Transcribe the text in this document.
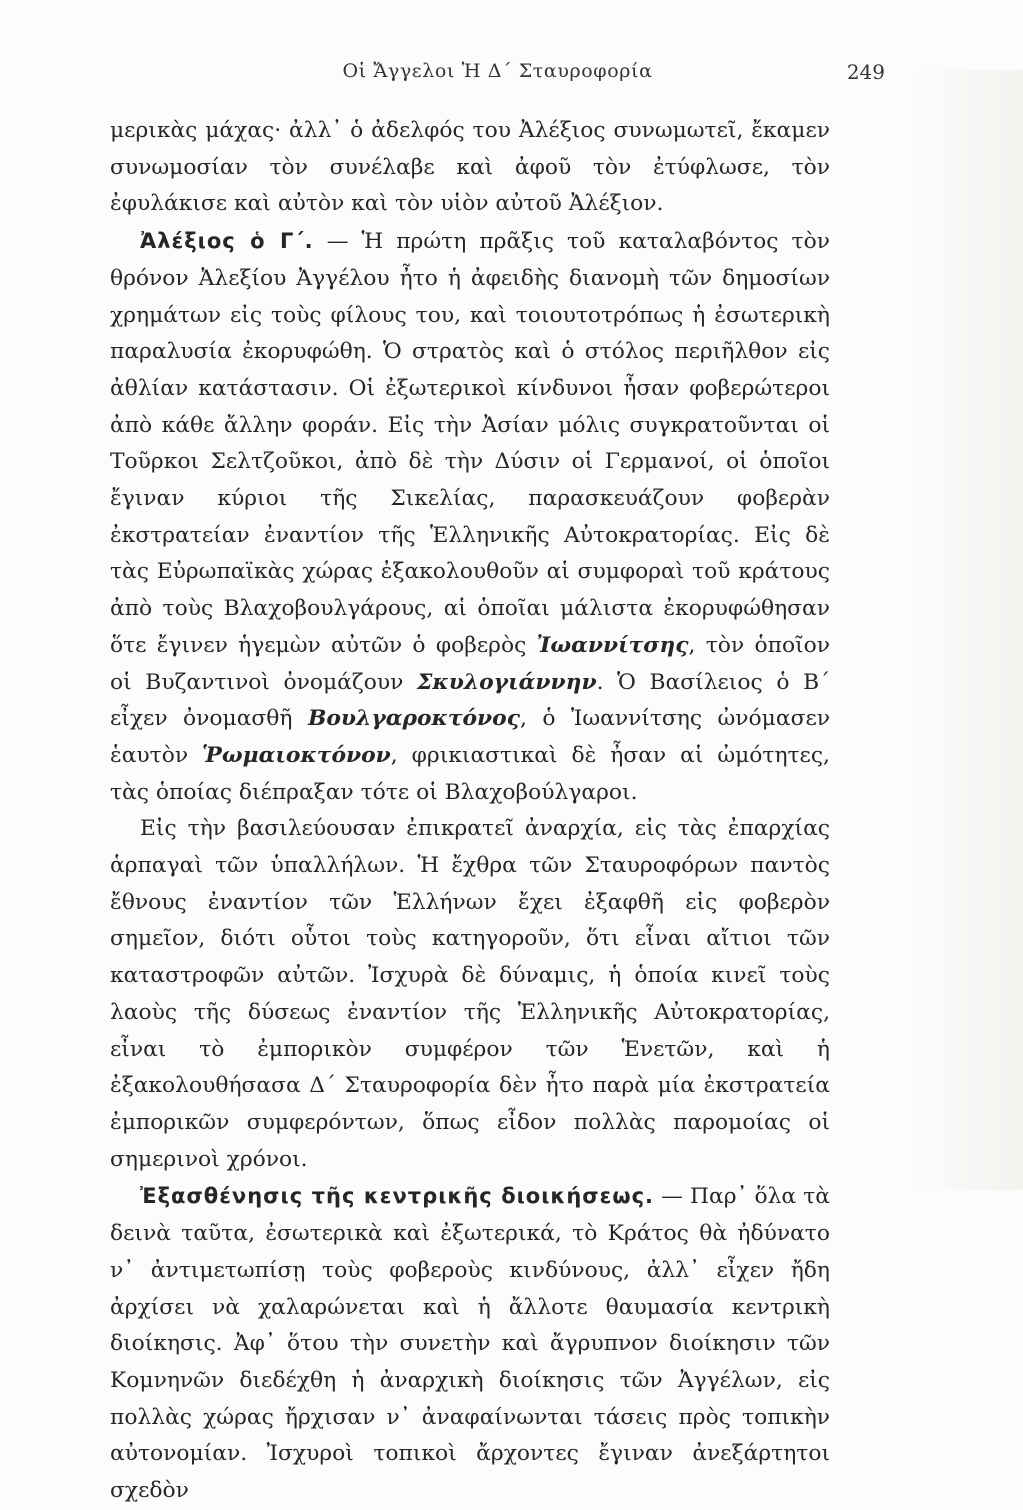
Οἱ Ἄγγελοι Ἡ Δ΄ Σταυροφορία	249

μερικὰς μάχας· ἀλλ᾽ ὁ ἀδελφός του Ἀλέξιος συνωμωτεῖ, ἔκαμεν συνωμοσίαν τὸν συνέλαβε καὶ ἀφοῦ τὸν ἐτύφλωσε, τὸν ἐφυλάκισε καὶ αὐτὸν καὶ τὸν υἱὸν αὐτοῦ Ἀλέξιον.

Ἀλέξιος ὁ Γ΄. — Ἡ πρώτη πρᾶξις τοῦ καταλαβόντος τὸν θρόνον Ἀλεξίου Ἀγγέλου ἦτο ἡ ἀφειδὴς διανομὴ τῶν δημοσίων χρημάτων εἰς τοὺς φίλους του, καὶ τοιουτοτρόπως ἡ ἐσωτερικὴ παραλυσία ἐκορυφώθη. Ὁ στρατὸς καὶ ὁ στόλος περιῆλθον εἰς ἀθλίαν κατάστασιν. Οἱ ἐξωτερικοὶ κίνδυνοι ἦσαν φοβερώτεροι ἀπὸ κάθε ἄλλην φοράν. Εἰς τὴν Ἀσίαν μόλις συγκρατοῦνται οἱ Τοῦρκοι Σελτζοῦκοι, ἀπὸ δὲ τὴν Δύσιν οἱ Γερμανοί, οἱ ὁποῖοι ἔγιναν κύριοι τῆς Σικελίας, παρασκευάζουν φοβερὰν ἐκστρατείαν ἐναντίον τῆς Ἑλληνικῆς Αὐτοκρατορίας. Εἰς δὲ τὰς Εὐρωπαϊκὰς χώρας ἐξακολουθοῦν αἱ συμφοραὶ τοῦ κράτους ἀπὸ τοὺς Βλαχοβουλγάρους, αἱ ὁποῖαι μάλιστα ἐκορυφώθησαν ὅτε ἔγινεν ἡγεμὼν αὐτῶν ὁ φοβερὸς Ἰωαννίτσης, τὸν ὁποῖον οἱ Βυζαντινοὶ ὀνομάζουν Σκυλογιάννην. Ὁ Βασίλειος ὁ Β΄ εἶχεν ὀνομασθῆ Βουλγαροκτόνος, ὁ Ἰωαννίτσης ὠνόμασεν ἑαυτὸν Ῥωμαιοκτόνον, φρικιαστικαὶ δὲ ἦσαν αἱ ὠμότητες, τὰς ὁποίας διέπραξαν τότε οἱ Βλαχοβούλγαροι.

Εἰς τὴν βασιλεύουσαν ἐπικρατεῖ ἀναρχία, εἰς τὰς ἐπαρχίας ἁρπαγαὶ τῶν ὑπαλλήλων. Ἡ ἔχθρα τῶν Σταυροφόρων παντὸς ἔθνους ἐναντίον τῶν Ἑλλήνων ἔχει ἐξαφθῆ εἰς φοβερὸν σημεῖον, διότι οὗτοι τοὺς κατηγοροῦν, ὅτι εἶναι αἴτιοι τῶν καταστροφῶν αὐτῶν. Ἰσχυρὰ δὲ δύναμις, ἡ ὁποία κινεῖ τοὺς λαοὺς τῆς δύσεως ἐναντίον τῆς Ἑλληνικῆς Αὐτοκρατορίας, εἶναι τὸ ἐμπορικὸν συμφέρον τῶν Ἑνετῶν, καὶ ἡ ἐξακολουθήσασα Δ΄ Σταυροφορία δὲν ἦτο παρὰ μία ἐκστρατεία ἐμπορικῶν συμφερόντων, ὅπως εἶδον πολλὰς παρομοίας οἱ σημερινοὶ χρόνοι.

Ἐξασθένησις τῆς κεντρικῆς διοικήσεως. — Παρ᾽ ὅλα τὰ δεινὰ ταῦτα, ἐσωτερικὰ καὶ ἐξωτερικά, τὸ Κράτος θὰ ἠδύνατο ν᾽ ἀντιμετωπίσῃ τοὺς φοβεροὺς κινδύνους, ἀλλ᾽ εἶχεν ἤδη ἀρχίσει νὰ χαλαρώνεται καὶ ἡ ἄλλοτε θαυμασία κεντρικὴ διοίκησις. Ἀφ᾽ ὅτου τὴν συνετὴν καὶ ἄγρυπνον διοίκησιν τῶν Κομνηνῶν διεδέχθη ἡ ἀναρχικὴ διοίκησις τῶν Ἀγγέλων, εἰς πολλὰς χώρας ἤρχισαν ν᾽ ἀναφαίνωνται τάσεις πρὸς τοπικὴν αὐτονομίαν. Ἰσχυροὶ τοπικοὶ ἄρχοντες ἔγιναν ἀνεξάρτητοι σχεδὸν
